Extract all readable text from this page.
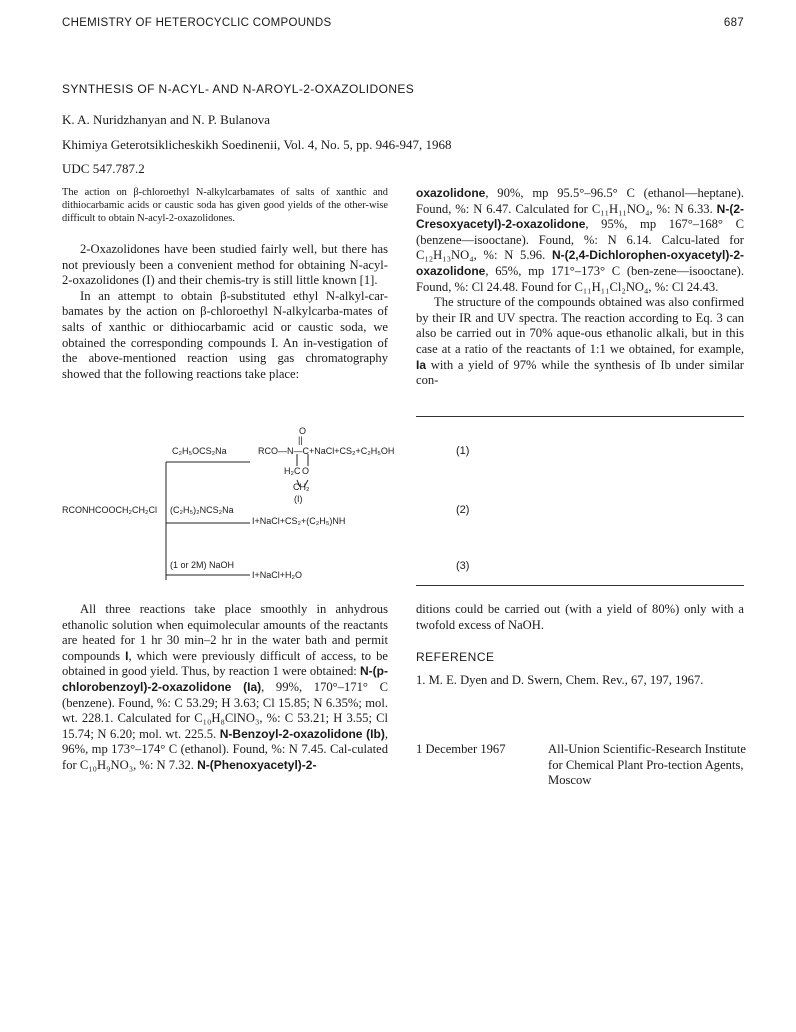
CHEMISTRY OF HETEROCYCLIC COMPOUNDS	687
SYNTHESIS OF N-ACYL- AND N-AROYL-2-OXAZOLIDONES
K. A. Nuridzhanyan and N. P. Bulanova
Khimiya Geterotsiklicheskikh Soedinenii, Vol. 4, No. 5, pp. 946-947, 1968
UDC 547.787.2
The action on β-chloroethyl N-alkylcarbamates of salts of xanthic and dithiocarbamic acids or caustic soda has given good yields of the other-wise difficult to obtain N-acyl-2-oxazolidones.

2-Oxazolidones have been studied fairly well, but there has not previously been a convenient method for obtaining N-acyl-2-oxazolidones (I) and their chemis-try is still little known [1].

In an attempt to obtain β-substituted ethyl N-alkyl-car-bamates by the action on β-chloroethyl N-alkylcarba-mates of salts of xanthic or dithiocarbamic acid or caustic soda, we obtained the corresponding compounds I. An in-vestigation of the above-mentioned reaction using gas chromatography showed that the following reactions take place:

oxazolidone, 90%, mp 95.5°–96.5° C (ethanol—heptane). Found, %: N 6.47. Calculated for C₁₁H₁₁NO₄, %: N 6.33. N-(2-Cresoxyacetyl)-2-oxazolidone, 95%, mp 167°–168° C (benzene—isooctane). Found, %: N 6.14. Calcu-lated for C₁₂H₁₃NO₄, %: N 5.96. N-(2,4-Dichlorophen-oxyacetyl)-2-oxazolidone, 65%, mp 171°–173° C (ben-zene—isooctane). Found, %: Cl 24.48. Found for C₁₁H₁₁Cl₂NO₄, %: Cl 24.43.

The structure of the compounds obtained was also confirmed by their IR and UV spectra. The reaction according to Eq. 3 can also be carried out in 70% aque-ous ethanolic alkali, but in this case at a ratio of the reactants of 1:1 we obtained, for example, Ia with a yield of 97% while the synthesis of Ib under similar con-

O
||
C₂H₅OCS₂Na	RCO—N—C+NaCl+CS₂+C₂H₅OH
H₂C O
CH₂
(I)
RCONHCOOCH₂CH₂Cl (C₂H₅)₂NCS₂Na
I+NaCl+CS₂+(C₂H₅)NH
(1 or 2M) NaOH
I+NaCl+H₂O
(1)
(2)
(3)

All three reactions take place smoothly in anhydrous ethanolic solution when equimolecular amounts of the reactants are heated for 1 hr 30 min–2 hr in the water bath and permit compounds I, which were previously difficult of access, to be obtained in good yield. Thus, by reaction 1 were obtained: N-(p-chlorobenzoyl)-2-oxazolidone (Ia), 99%, 170°–171° C (benzene). Found, %: C 53.29; H 3.63; Cl 15.85; N 6.35%; mol. wt. 228.1. Calculated for C₁₀H₈ClNO₃, %: C 53.21; H 3.55; Cl 15.74; N 6.20; mol. wt. 225.5. N-Benzoyl-2-oxazolidone (Ib), 96%, mp 173°–174° C (ethanol). Found, %: N 7.45. Cal-culated for C₁₀H₉NO₃, %: N 7.32. N-(Phenoxyacetyl)-2-

ditions could be carried out (with a yield of 80%) only with a twofold excess of NaOH.
REFERENCE
1. M. E. Dyen and D. Swern, Chem. Rev., 67, 197, 1967.
1 December 1967	All-Union Scientific-Research Institute for Chemical Plant Pro-tection Agents, Moscow
